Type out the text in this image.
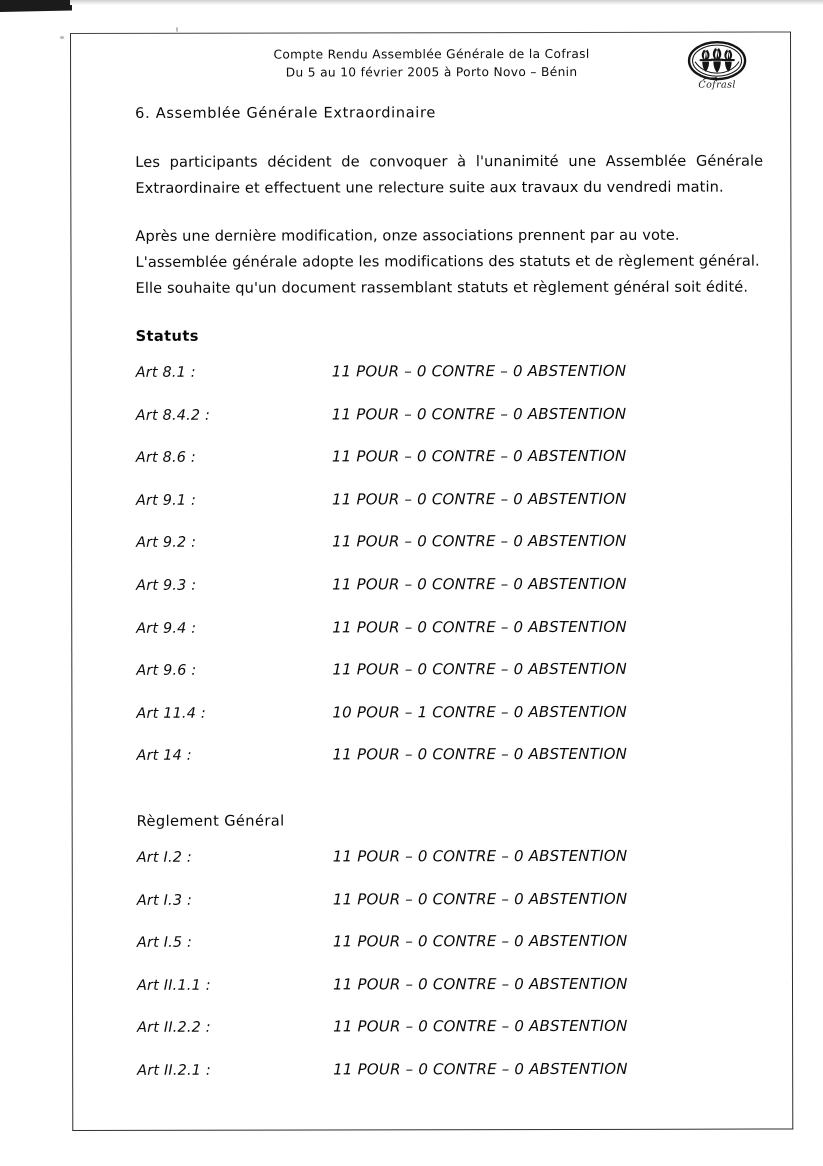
Compte Rendu Assemblée Générale de la Cofrasl
Du 5 au 10 février 2005 à Porto Novo – Bénin
Cofrasl
6. Assemblée Générale Extraordinaire

Les participants décident de convoquer à l'unanimité une Assemblée Générale Extraordinaire et effectuent une relecture suite aux travaux du vendredi matin.

Après une dernière modification, onze associations prennent par au vote.
L'assemblée générale adopte les modifications des statuts et de règlement général.
Elle souhaite qu'un document rassemblant statuts et règlement général soit édité.

Statuts
Art 8.1 :	11 POUR – 0 CONTRE – 0 ABSTENTION
Art 8.4.2 :	11 POUR – 0 CONTRE – 0 ABSTENTION
Art 8.6 :	11 POUR – 0 CONTRE – 0 ABSTENTION
Art 9.1 :	11 POUR – 0 CONTRE – 0 ABSTENTION
Art 9.2 :	11 POUR – 0 CONTRE – 0 ABSTENTION
Art 9.3 :	11 POUR – 0 CONTRE – 0 ABSTENTION
Art 9.4 :	11 POUR – 0 CONTRE – 0 ABSTENTION
Art 9.6 :	11 POUR – 0 CONTRE – 0 ABSTENTION
Art 11.4 :	10 POUR – 1 CONTRE – 0 ABSTENTION
Art 14 :	11 POUR – 0 CONTRE – 0 ABSTENTION
Règlement Général
Art I.2 :	11 POUR – 0 CONTRE – 0 ABSTENTION
Art I.3 :	11 POUR – 0 CONTRE – 0 ABSTENTION
Art I.5 :	11 POUR – 0 CONTRE – 0 ABSTENTION
Art II.1.1 :	11 POUR – 0 CONTRE – 0 ABSTENTION
Art II.2.2 :	11 POUR – 0 CONTRE – 0 ABSTENTION
Art II.2.1 :	11 POUR – 0 CONTRE – 0 ABSTENTION
